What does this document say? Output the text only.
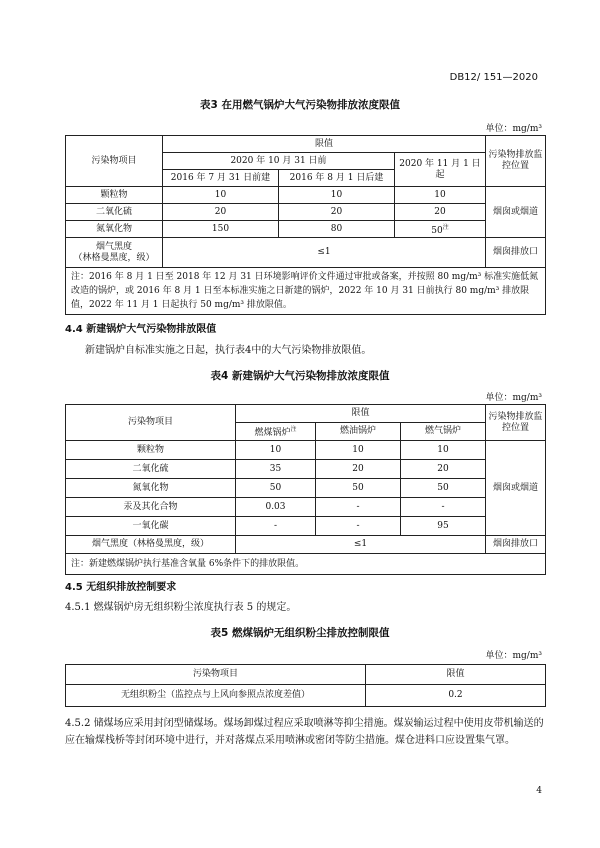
DB12/ 151—2020
表3 在用燃气锅炉大气污染物排放浓度限值
单位：mg/m³
污染物项目	限值			污染物排放监控位置
	2020 年 10 月 31 日前		2020 年 11 月 1 日起	
	2016 年 7 月 31 日前建	2016 年 8 月 1 日后建		
颗粒物	10	10	10	烟囱或烟道
二氧化硫	20	20	20	
氮氧化物	150	80	$50^注$
烟气黑度
（林格曼黑度，级）	≤1			烟囱排放口
注：2016 年 8 月 1 日至 2018 年 12 月 31 日环境影响评价文件通过审批或备案，并按照 80 mg/m³ 标准实施低氮改造的锅炉，或 2016 年 8 月 1 日至本标准实施之日新建的锅炉，2022 年 10 月 31 日前执行 80 mg/m³ 排放限值，2022 年 11 月 1 日起执行 50 mg/m³ 排放限值。				
4.4 新建锅炉大气污染物排放限值
新建锅炉自标准实施之日起，执行表4中的大气污染物排放限值。
表4 新建锅炉大气污染物排放浓度限值
单位：mg/m³
污染物项目	限值			污染物排放监控位置
	燃煤锅炉$^注$	燃油锅炉	燃气锅炉	
颗粒物	10	10	10	烟囱或烟道
二氧化硫	35	20	20	
氮氧化物	50	50	50	
汞及其化合物	0.03	-	-	
一氧化碳	-	-	95	
烟气黑度（林格曼黑度，级）	≤1			烟囱排放口
注：新建燃煤锅炉执行基准含氧量 6%条件下的排放限值。				
4.5 无组织排放控制要求
4.5.1 燃煤锅炉房无组织粉尘浓度执行表 5 的规定。
表5 燃煤锅炉无组织粉尘排放控制限值
单位：mg/m³
污染物项目	限值
无组织粉尘（监控点与上风向参照点浓度差值）	0.2
4.5.2 储煤场应采用封闭型储煤场。煤场卸煤过程应采取喷淋等抑尘措施。煤炭输运过程中使用皮带机输送的应在输煤栈桥等封闭环境中进行，并对落煤点采用喷淋或密闭等防尘措施。煤仓进料口应设置集气罩。
4
